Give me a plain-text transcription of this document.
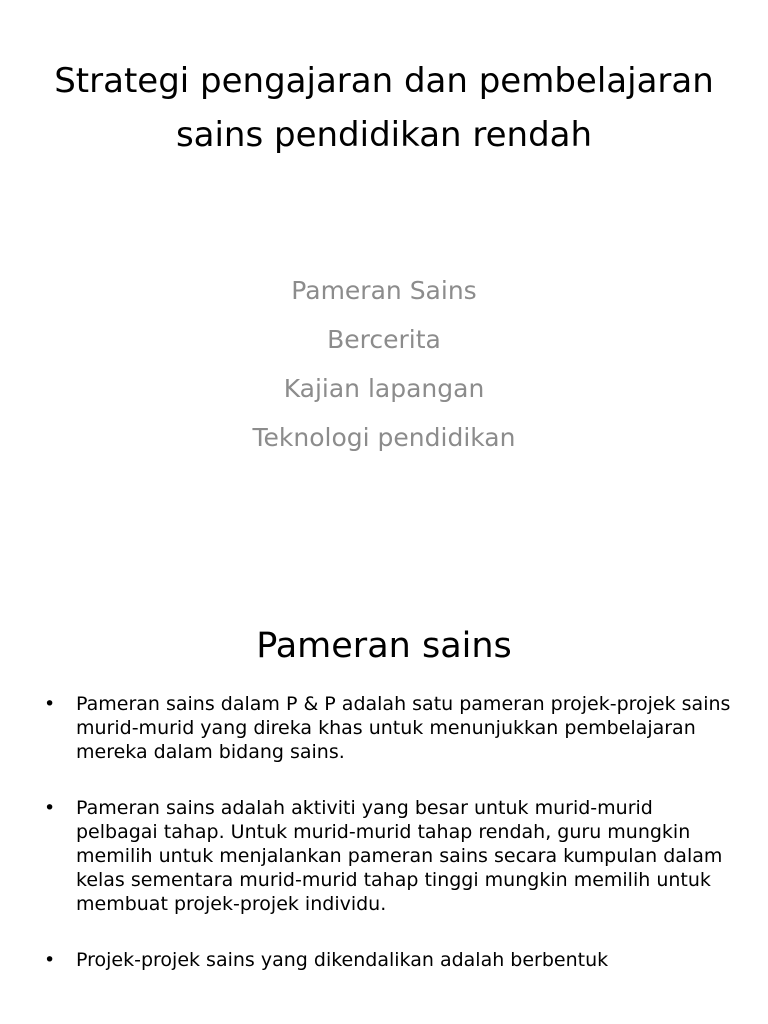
Strategi pengajaran dan pembelajaran sains pendidikan rendah
Pameran Sains
Bercerita
Kajian lapangan
Teknologi pendidikan
Pameran sains
• Pameran sains dalam P & P adalah satu pameran projek-projek sains murid-murid yang direka khas untuk menunjukkan pembelajaran mereka dalam bidang sains.
• Pameran sains adalah aktiviti yang besar untuk murid-murid pelbagai tahap. Untuk murid-murid tahap rendah, guru mungkin memilih untuk menjalankan pameran sains secara kumpulan dalam kelas sementara murid-murid tahap tinggi mungkin memilih untuk membuat projek-projek individu.
• Projek-projek sains yang dikendalikan adalah berbentuk
